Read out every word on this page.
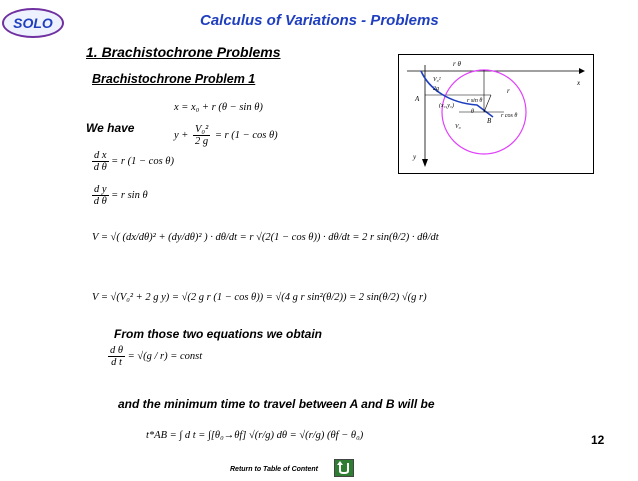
SOLO	Calculus of Variations - Problems
1. Brachistochrone Problems
Brachistochrone Problem 1
x = x₀ + r (θ − sin θ)
We have
$y + \frac{\text{V₀²}}{2 g} = r$ (1 − cos θ)
$\frac{\text{d x}}{\text{d θ}} = r$ (1 − cos θ)
$\frac{\text{d y}}{\text{d θ}} = r$ sin θ
V = √( (dx/dθ)² + (dy/dθ)² ) · dθ/dt = r √(2(1 − cos θ)) · dθ/dt = 2 r sin(θ/2) · dθ/dt
V = √(V₀² + 2 g y) = √(2 g r (1 − cos θ)) = √(4 g r sin²(θ/2)) = 2 sin(θ/2) √(g r)
From those two equations we obtain
$\frac{\text{d θ}}{\text{d t}} = √(g / r)$ = const
and the minimum time to travel between A and B will be
t*AB = ∫ d t = ∫[θ₀→θf] √(r/g) dθ = √(r/g) (θf − θ₀)
r θ
V₀²
2g
x
y
A
B
r
(x꜀,y꜀)
r sin θ
r cos θ
θ
V₀
12
Return to Table of Content
